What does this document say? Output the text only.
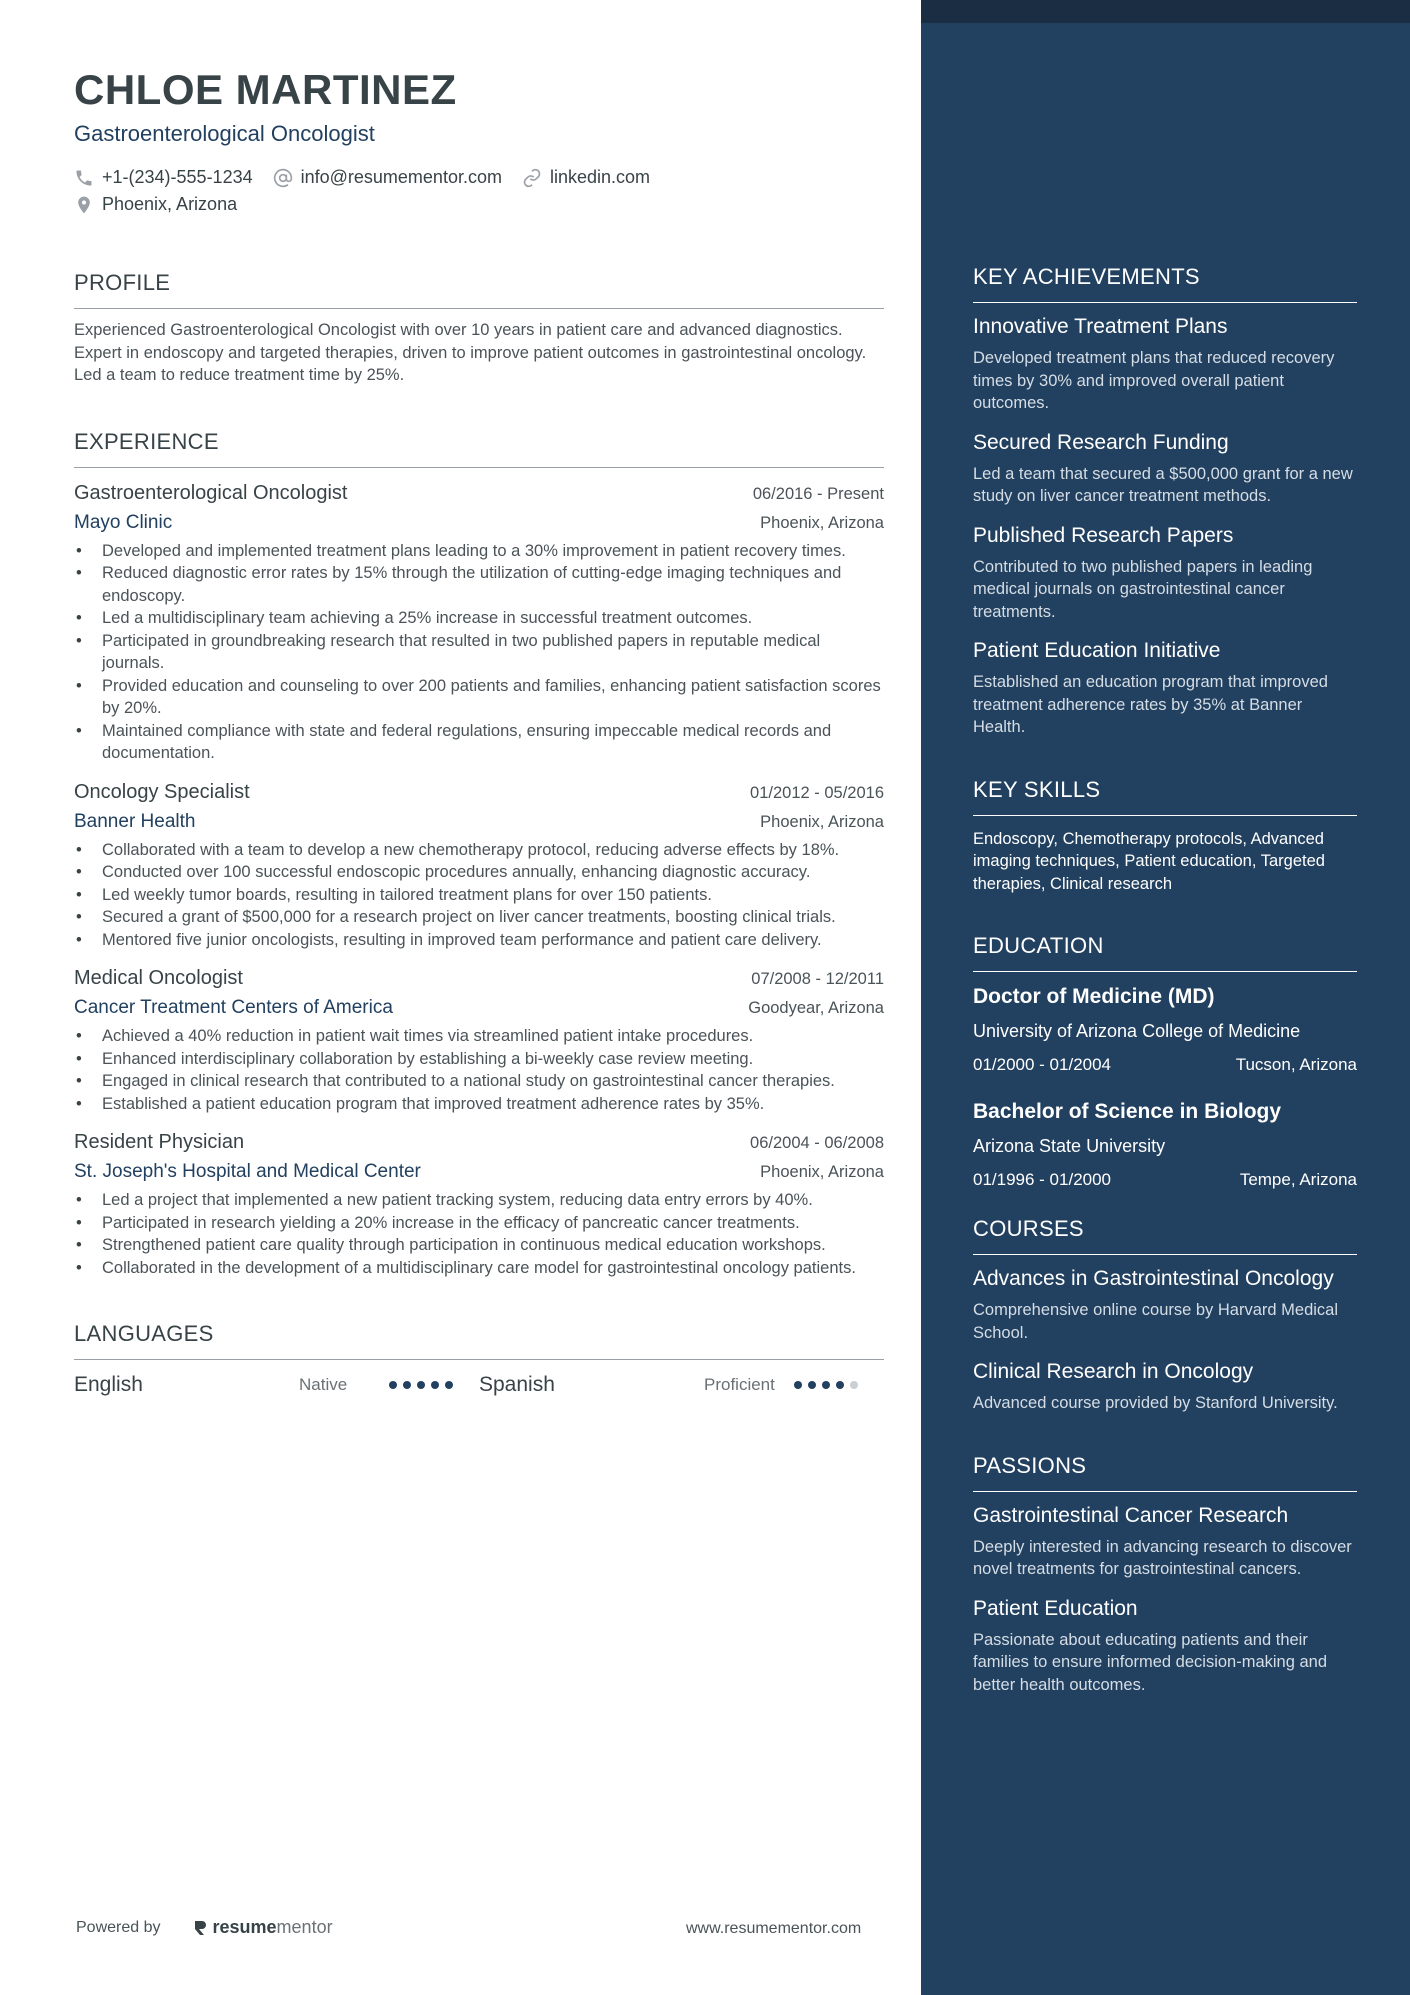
CHLOE MARTINEZ
Gastroenterological Oncologist
+1-(234)-555-1234	info@resumementor.com	linkedin.com
Phoenix, Arizona
PROFILE
Experienced Gastroenterological Oncologist with over 10 years in patient care and advanced diagnostics. Expert in endoscopy and targeted therapies, driven to improve patient outcomes in gastrointestinal oncology. Led a team to reduce treatment time by 25%.
EXPERIENCE
Gastroenterological Oncologist	06/2016 - Present
Mayo Clinic	Phoenix, Arizona
• Developed and implemented treatment plans leading to a 30% improvement in patient recovery times.
• Reduced diagnostic error rates by 15% through the utilization of cutting-edge imaging techniques and endoscopy.
• Led a multidisciplinary team achieving a 25% increase in successful treatment outcomes.
• Participated in groundbreaking research that resulted in two published papers in reputable medical journals.
• Provided education and counseling to over 200 patients and families, enhancing patient satisfaction scores by 20%.
• Maintained compliance with state and federal regulations, ensuring impeccable medical records and documentation.
Oncology Specialist	01/2012 - 05/2016
Banner Health	Phoenix, Arizona
• Collaborated with a team to develop a new chemotherapy protocol, reducing adverse effects by 18%.
• Conducted over 100 successful endoscopic procedures annually, enhancing diagnostic accuracy.
• Led weekly tumor boards, resulting in tailored treatment plans for over 150 patients.
• Secured a grant of $500,000 for a research project on liver cancer treatments, boosting clinical trials.
• Mentored five junior oncologists, resulting in improved team performance and patient care delivery.
Medical Oncologist	07/2008 - 12/2011
Cancer Treatment Centers of America	Goodyear, Arizona
• Achieved a 40% reduction in patient wait times via streamlined patient intake procedures.
• Enhanced interdisciplinary collaboration by establishing a bi-weekly case review meeting.
• Engaged in clinical research that contributed to a national study on gastrointestinal cancer therapies.
• Established a patient education program that improved treatment adherence rates by 35%.
Resident Physician	06/2004 - 06/2008
St. Joseph's Hospital and Medical Center	Phoenix, Arizona
• Led a project that implemented a new patient tracking system, reducing data entry errors by 40%.
• Participated in research yielding a 20% increase in the efficacy of pancreatic cancer treatments.
• Strengthened patient care quality through participation in continuous medical education workshops.
• Collaborated in the development of a multidisciplinary care model for gastrointestinal oncology patients.
LANGUAGES
English	Native	Spanish	Proficient
Powered by	resume mentor	www.resumementor.com
KEY ACHIEVEMENTS
Innovative Treatment Plans
Developed treatment plans that reduced recovery times by 30% and improved overall patient outcomes.
Secured Research Funding
Led a team that secured a $500,000 grant for a new study on liver cancer treatment methods.
Published Research Papers
Contributed to two published papers in leading medical journals on gastrointestinal cancer treatments.
Patient Education Initiative
Established an education program that improved treatment adherence rates by 35% at Banner Health.
KEY SKILLS
Endoscopy, Chemotherapy protocols, Advanced imaging techniques, Patient education, Targeted therapies, Clinical research
EDUCATION
Doctor of Medicine (MD)
University of Arizona College of Medicine
01/2000 - 01/2004	Tucson, Arizona
Bachelor of Science in Biology
Arizona State University
01/1996 - 01/2000	Tempe, Arizona
COURSES
Advances in Gastrointestinal Oncology
Comprehensive online course by Harvard Medical School.
Clinical Research in Oncology
Advanced course provided by Stanford University.
PASSIONS
Gastrointestinal Cancer Research
Deeply interested in advancing research to discover novel treatments for gastrointestinal cancers.
Patient Education
Passionate about educating patients and their families to ensure informed decision-making and better health outcomes.
